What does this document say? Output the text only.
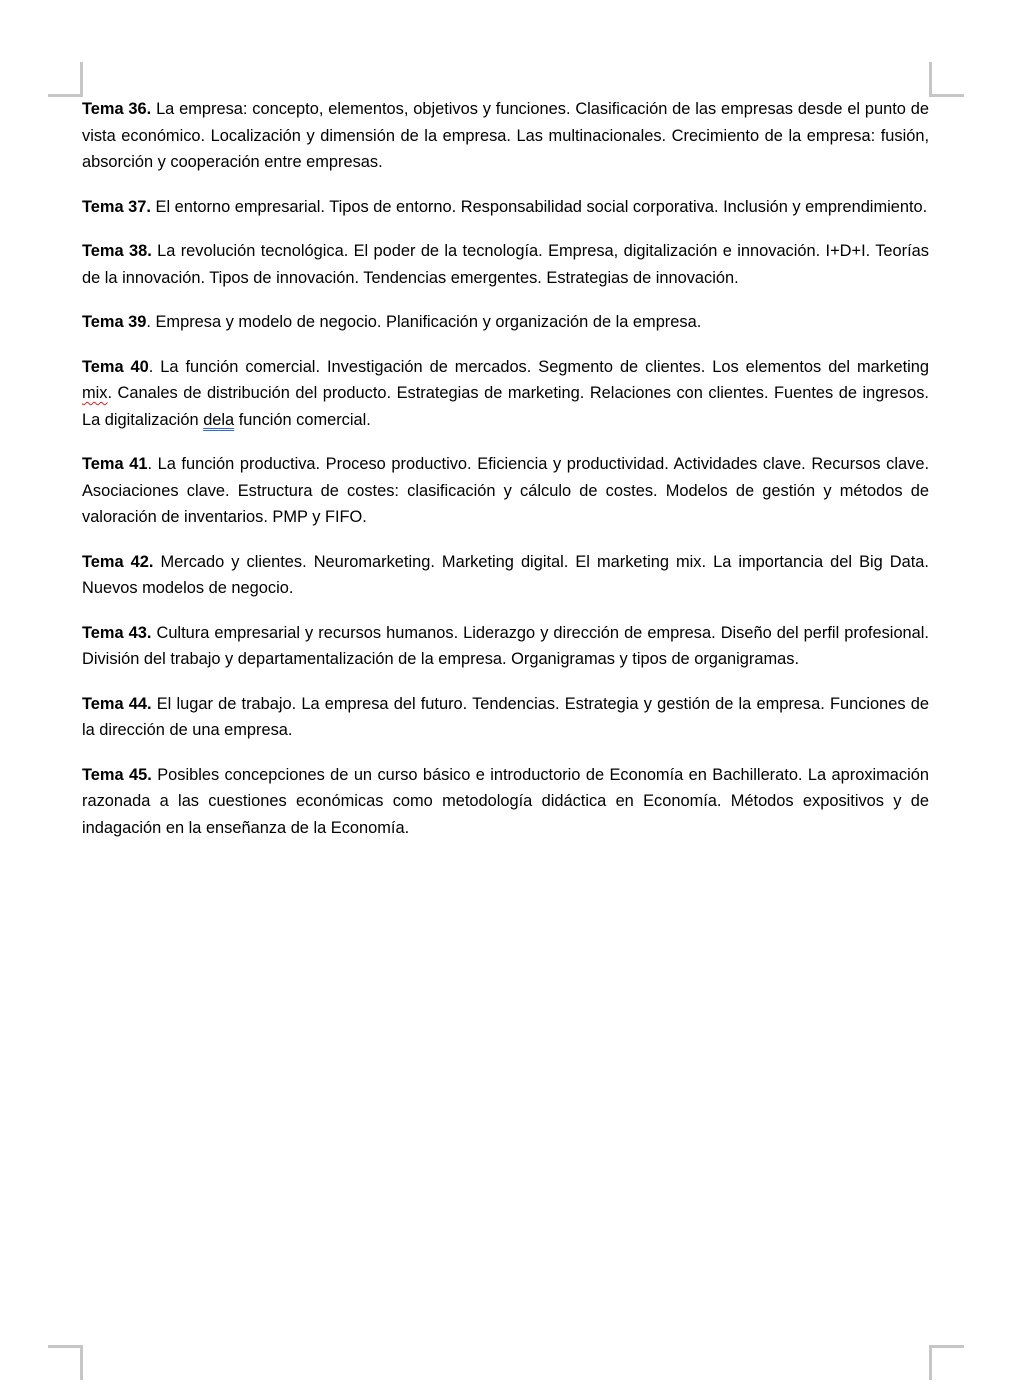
Tema 36. La empresa: concepto, elementos, objetivos y funciones. Clasificación de las empresas desde el punto de vista económico. Localización y dimensión de la empresa. Las multinacionales. Crecimiento de la empresa: fusión, absorción y cooperación entre empresas.

Tema 37. El entorno empresarial. Tipos de entorno. Responsabilidad social corporativa. Inclusión y emprendimiento.

Tema 38. La revolución tecnológica. El poder de la tecnología. Empresa, digitalización e innovación. I+D+I. Teorías de la innovación. Tipos de innovación. Tendencias emergentes. Estrategias de innovación.

Tema 39. Empresa y modelo de negocio. Planificación y organización de la empresa.

Tema 40. La función comercial. Investigación de mercados. Segmento de clientes. Los elementos del marketing mix. Canales de distribución del producto. Estrategias de marketing. Relaciones con clientes. Fuentes de ingresos. La digitalización dela función comercial.

Tema 41. La función productiva. Proceso productivo. Eficiencia y productividad. Actividades clave. Recursos clave. Asociaciones clave. Estructura de costes: clasificación y cálculo de costes. Modelos de gestión y métodos de valoración de inventarios. PMP y FIFO.

Tema 42. Mercado y clientes. Neuromarketing. Marketing digital. El marketing mix. La importancia del Big Data. Nuevos modelos de negocio.

Tema 43. Cultura empresarial y recursos humanos. Liderazgo y dirección de empresa. Diseño del perfil profesional. División del trabajo y departamentalización de la empresa. Organigramas y tipos de organigramas.

Tema 44. El lugar de trabajo. La empresa del futuro. Tendencias. Estrategia y gestión de la empresa. Funciones de la dirección de una empresa.

Tema 45. Posibles concepciones de un curso básico e introductorio de Economía en Bachillerato. La aproximación razonada a las cuestiones económicas como metodología didáctica en Economía. Métodos expositivos y de indagación en la enseñanza de la Economía.
